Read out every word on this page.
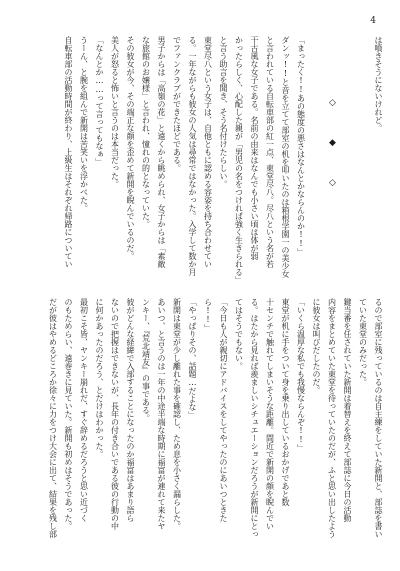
4
は噴きそうにないけれど。
◇◆◇
「まったく!!あの態度の悪さはなんとかならんのか!!」
ダンッ!!と音を立てて部室の机を叩いたのは箱根学園一の美少女
と言われている自転車部の紅一点、東堂尽八。尽八という名が若
干古風な女子である。名前の由来はなんでも小さい頃は体が弱
かったらしく、心配した親が「男児の名をつければ強く生きられる」
と言う助言を聞き、そう名付けたらしい。
東堂尽八という女子は、自他ともに認める容姿を持ち合わせてい
る。一年ながらも彼女の人気は尋常ではなかった。入学して数か月
でファンクラブができたほどである。
男子からは「高嶺の花」と遠くから眺められ、女子からは「素敵
な旅館のお嬢様」と言われ、憧れの的となっていた。
その彼女が今、その端正な顔を歪めて新開を睨んでいるのだ。
美人が怒ると怖いと言うのは本当だった。
「なんとか……って言ってもなぁ」
うーん、と腕を組んで新開は苦笑いを浮かべた。
自転車部の活動時間が終わり、上級生はそれぞれ帰路についてい
るので部室に残っているのは自主練をしていた新開と、部誌を書い
ていた東堂のみだった。
鍵当番を任されていた新開は着替えを終えて部誌に今日の活動
内容をまとめていた東堂を待っていたのだが、ふと思い出したよう
に彼女は叫びだしたのだ。
「いくら温厚な私でも我慢ならんぞ!!」
東堂が机に手をついて身を乗り出しているおかげであと数
十センチで触れてしまいそうな距離。間近で新開の顔を睨んでい
る。はたから見れば羨ましいシチュエーションだろうが新開にとっ
てはそうでもない。
「今日も人が親切にアドバイスをしてやったのにあいつときた
ら!!」
「やっぱりその、話題…だよな」
新開は東堂が少し離れた事を確認し、ため息を小さく漏らした。
あいつ、と言うのは一年の中途半端な時期に福富が連れて来たヤ
ンキー、『荒北靖友』の事である。
彼がどんな経緯で入部することになったのか福富はあまり語ら
ないので把握はできないが、長年の付き合いである彼の行動の中
に何かあったのだろう、とだけはわかった。
最初こそ皆、ヤンキー崩れだ、すぐ辞めるだろうと思い近づく
のもためらい、遠巻きに見ていた。新開も初めはそうであった。
だが彼はやめるどころか徐々に力をつけ大会に出て、結果を残し部
